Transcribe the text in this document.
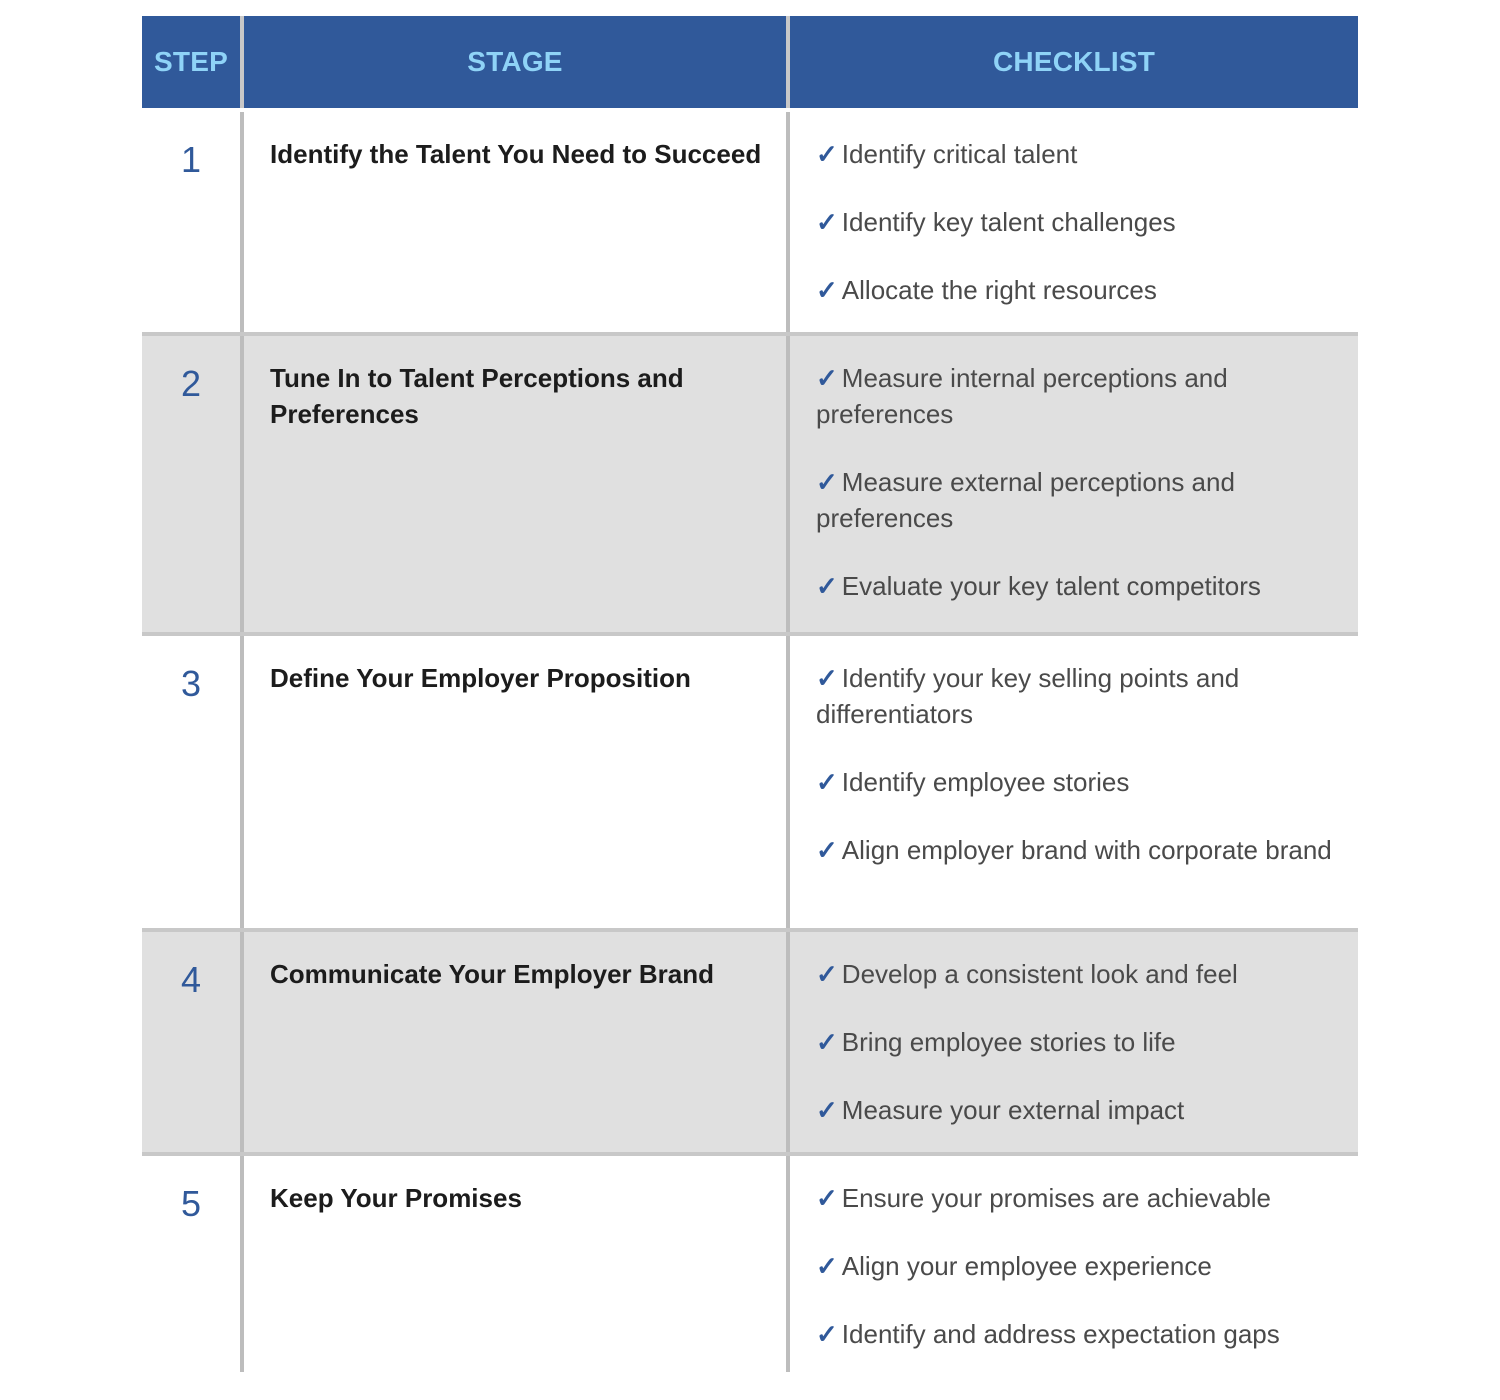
STEP	STAGE	CHECKLIST
1	Identify the Talent You Need to Succeed	✓ Identify critical talent
✓ Identify key talent challenges
✓ Allocate the right resources
2	Tune In to Talent Perceptions and Preferences
✓ Measure internal perceptions and preferences
✓ Measure external perceptions and preferences
✓ Evaluate your key talent competitors
3	Define Your Employer Proposition	✓ Identify your key selling points and differentiators
✓ Identify employee stories
✓ Align employer brand with corporate brand
4	Communicate Your Employer Brand	✓ Develop a consistent look and feel
✓ Bring employee stories to life
✓ Measure your external impact
5	Keep Your Promises	✓ Ensure your promises are achievable
✓ Align your employee experience
✓ Identify and address expectation gaps
